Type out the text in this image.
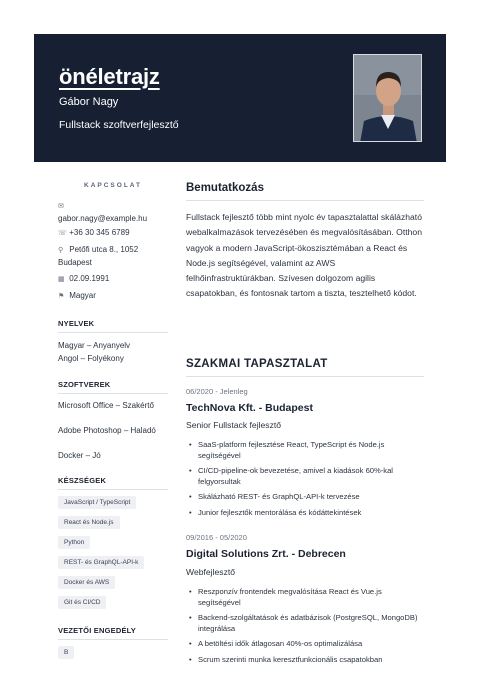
önéletrajz
Gábor Nagy
Fullstack szoftverfejlesztő
KAPCSOLAT
✉
gabor.nagy@example.hu
☏ +36 30 345 6789
⚲ Petőfi utca 8., 1052 Budapest
▦ 02.09.1991
⚑ Magyar
NYELVEK
Magyar – Anyanyelv
Angol – Folyékony
SZOFTVEREK
Microsoft Office – Szakértő
Adobe Photoshop – Haladó
Docker – Jó
KÉSZSÉGEK
JavaScript / TypeScript
React és Node.js
Python
REST- és GraphQL-API-k
Docker és AWS
Git és CI/CD
VEZETŐI ENGEDÉLY
B
Bemutatkozás
Fullstack fejlesztő több mint nyolc év tapasztalattal skálázható webalkalmazások tervezésében és megvalósításában. Otthon vagyok a modern JavaScript-ökoszisztémában a React és Node.js segítségével, valamint az AWS felhőinfrastruktúrákban. Szívesen dolgozom agilis csapatokban, és fontosnak tartom a tiszta, tesztelhető kódot.
SZAKMAI TAPASZTALAT
06/2020 - Jelenleg
TechNova Kft. - Budapest
Senior Fullstack fejlesztő
• SaaS-platform fejlesztése React, TypeScript és Node.js segítségével
• CI/CD-pipeline-ok bevezetése, amivel a kiadások 60%-kal felgyorsultak
• Skálázható REST- és GraphQL-API-k tervezése
• Junior fejlesztők mentorálása és kódáttekintések
09/2016 - 05/2020
Digital Solutions Zrt. - Debrecen
Webfejlesztő
• Reszponzív frontendek megvalósítása React és Vue.js segítségével
• Backend-szolgáltatások és adatbázisok (PostgreSQL, MongoDB) integrálása
• A betöltési idők átlagosan 40%-os optimalizálása
• Scrum szerinti munka keresztfunkcionális csapatokban
